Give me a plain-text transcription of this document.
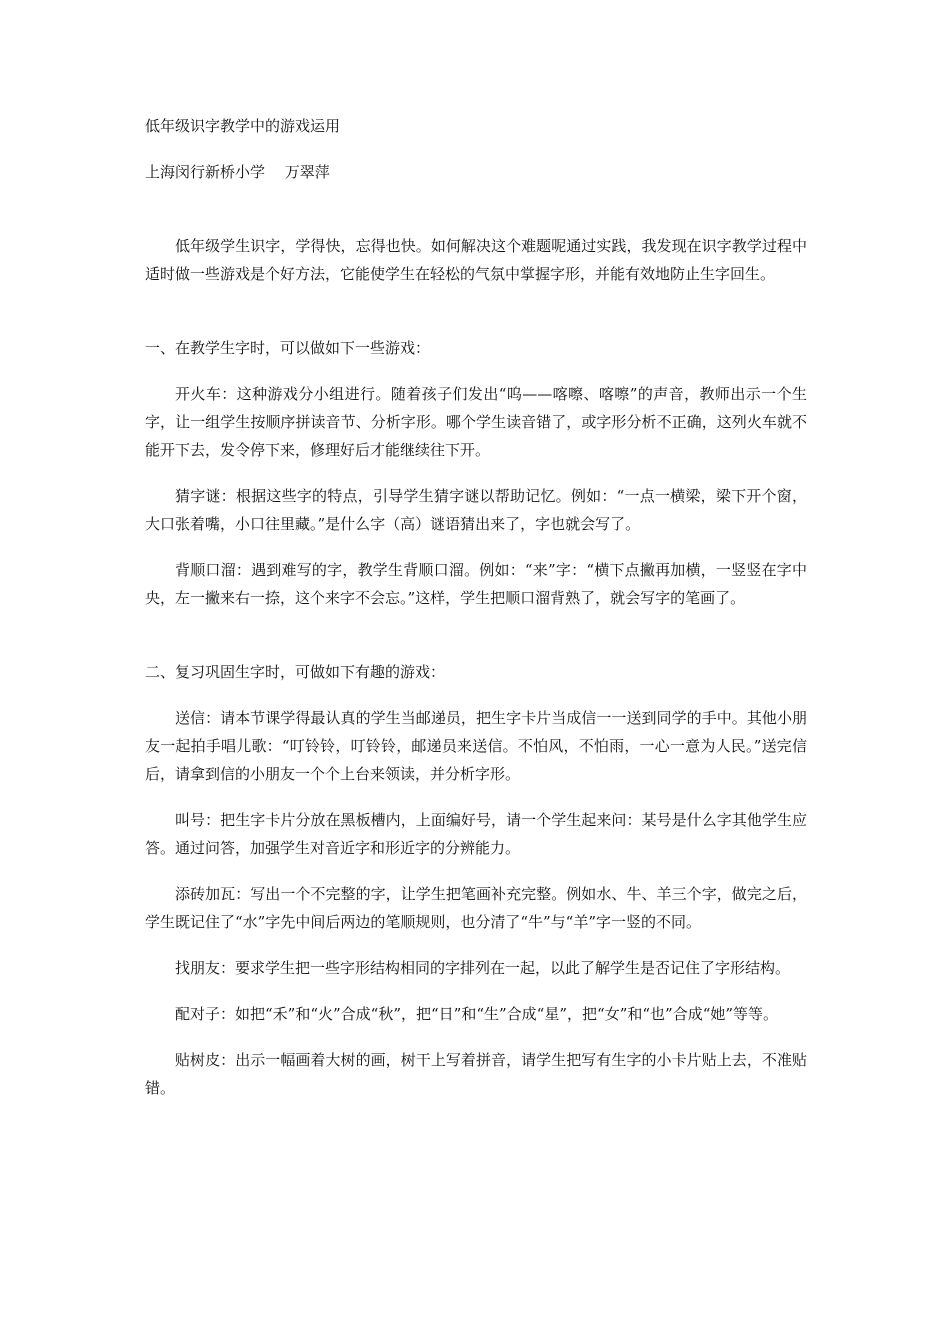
低年级识字教学中的游戏运用

上海闵行新桥小学　 万翠萍

低年级学生识字，学得快，忘得也快。如何解决这个难题呢通过实践，我发现在识字教学过程中适时做一些游戏是个好方法，它能使学生在轻松的气氛中掌握字形，并能有效地防止生字回生。

一、在教学生字时，可以做如下一些游戏：

开火车：这种游戏分小组进行。随着孩子们发出“呜——喀嚓、喀嚓”的声音，教师出示一个生字，让一组学生按顺序拼读音节、分析字形。哪个学生读音错了，或字形分析不正确，这列火车就不能开下去，发令停下来，修理好后才能继续往下开。

猜字谜：根据这些字的特点，引导学生猜字谜以帮助记忆。例如：“一点一横梁，梁下开个窗，大口张着嘴，小口往里藏。”是什么字（高）谜语猜出来了，字也就会写了。

背顺口溜：遇到难写的字，教学生背顺口溜。例如：“来”字：“横下点撇再加横，一竖竖在字中央，左一撇来右一捺，这个来字不会忘。”这样，学生把顺口溜背熟了，就会写字的笔画了。

二、复习巩固生字时，可做如下有趣的游戏：

送信：请本节课学得最认真的学生当邮递员，把生字卡片当成信一一送到同学的手中。其他小朋友一起拍手唱儿歌：“叮铃铃，叮铃铃，邮递员来送信。不怕风，不怕雨，一心一意为人民。”送完信后，请拿到信的小朋友一个个上台来领读，并分析字形。

叫号：把生字卡片分放在黑板槽内，上面编好号，请一个学生起来问：某号是什么字其他学生应答。通过问答，加强学生对音近字和形近字的分辨能力。

添砖加瓦：写出一个不完整的字，让学生把笔画补充完整。例如水、牛、羊三个字，做完之后，学生既记住了“水”字先中间后两边的笔顺规则，也分清了“牛”与“羊”字一竖的不同。

找朋友：要求学生把一些字形结构相同的字排列在一起，以此了解学生是否记住了字形结构。

配对子：如把“禾”和“火”合成“秋”，把“日”和“生”合成“星”，把“女”和“也”合成“她”等等。

贴树皮：出示一幅画着大树的画，树干上写着拼音，请学生把写有生字的小卡片贴上去，不准贴错。
